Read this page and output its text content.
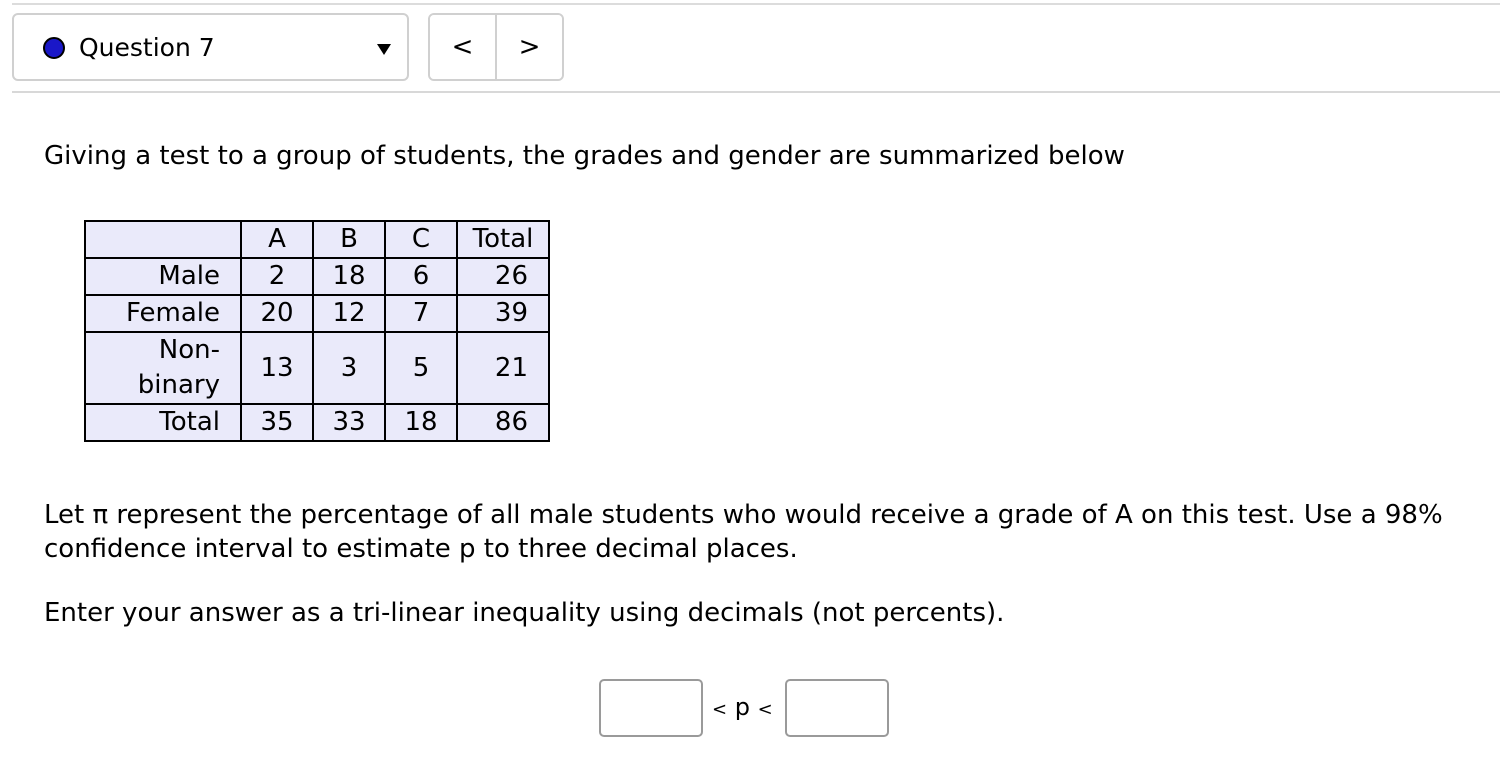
Question 7	<	>
Giving a test to a group of students, the grades and gender are summarized below
	A	B	C	Total
Male	2	18	6	26
Female	20	12	7	39
Non-binary	13	3	5	21
Total	35	33	18	86
Let π represent the percentage of all male students who would receive a grade of A on this test. Use a 98% confidence interval to estimate p to three decimal places.
Enter your answer as a tri-linear inequality using decimals (not percents).
< p <
